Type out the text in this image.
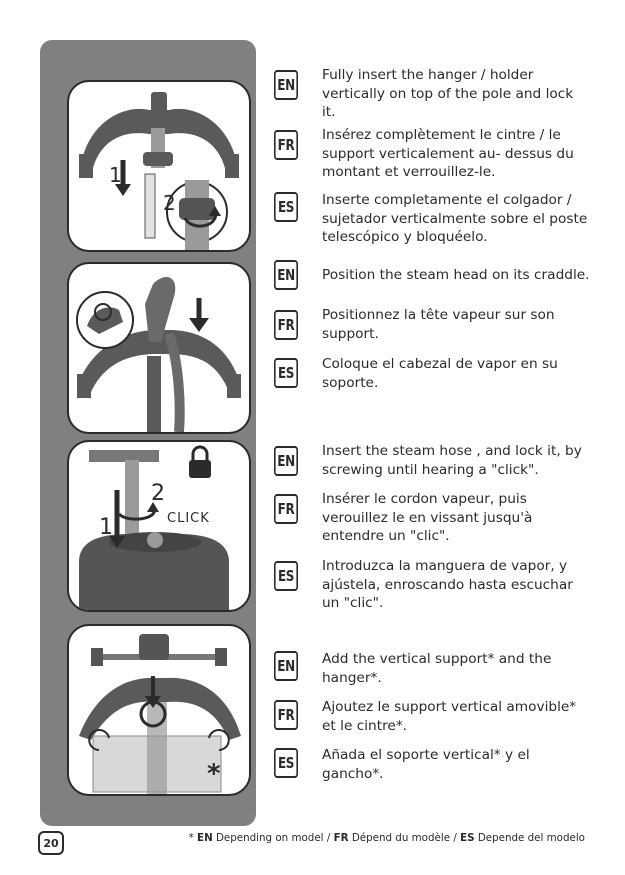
1
2
1
2
CLICK
*
EN
Fully insert the hanger / holder vertically on top of the pole and lock it.
FR
Insérez complètement le cintre / le support verticalement au- dessus du montant et verrouillez-le.
ES Inserte completamente el colgador / sujetador verticalmente sobre el poste telescópico y bloquéelo.
EN Position the steam head on its craddle.
FR
Positionnez la tête vapeur sur son support.
ES Coloque el cabezal de vapor en su soporte.
EN
Insert the steam hose , and lock it, by screwing until hearing a "click".
FR
Insérer le cordon vapeur, puis verouillez le en vissant jusqu'à entendre un "clic".
ES
Introduzca la manguera de vapor, y ajústela, enroscando hasta escuchar un "clic".
EN Add the vertical support* and the hanger*.
FR Ajoutez le support vertical amovible* et le cintre*.
ES Añada el soporte vertical* y el gancho*.
20	* EN Depending on model / FR Dépend du modèle / ES Depende del modelo
